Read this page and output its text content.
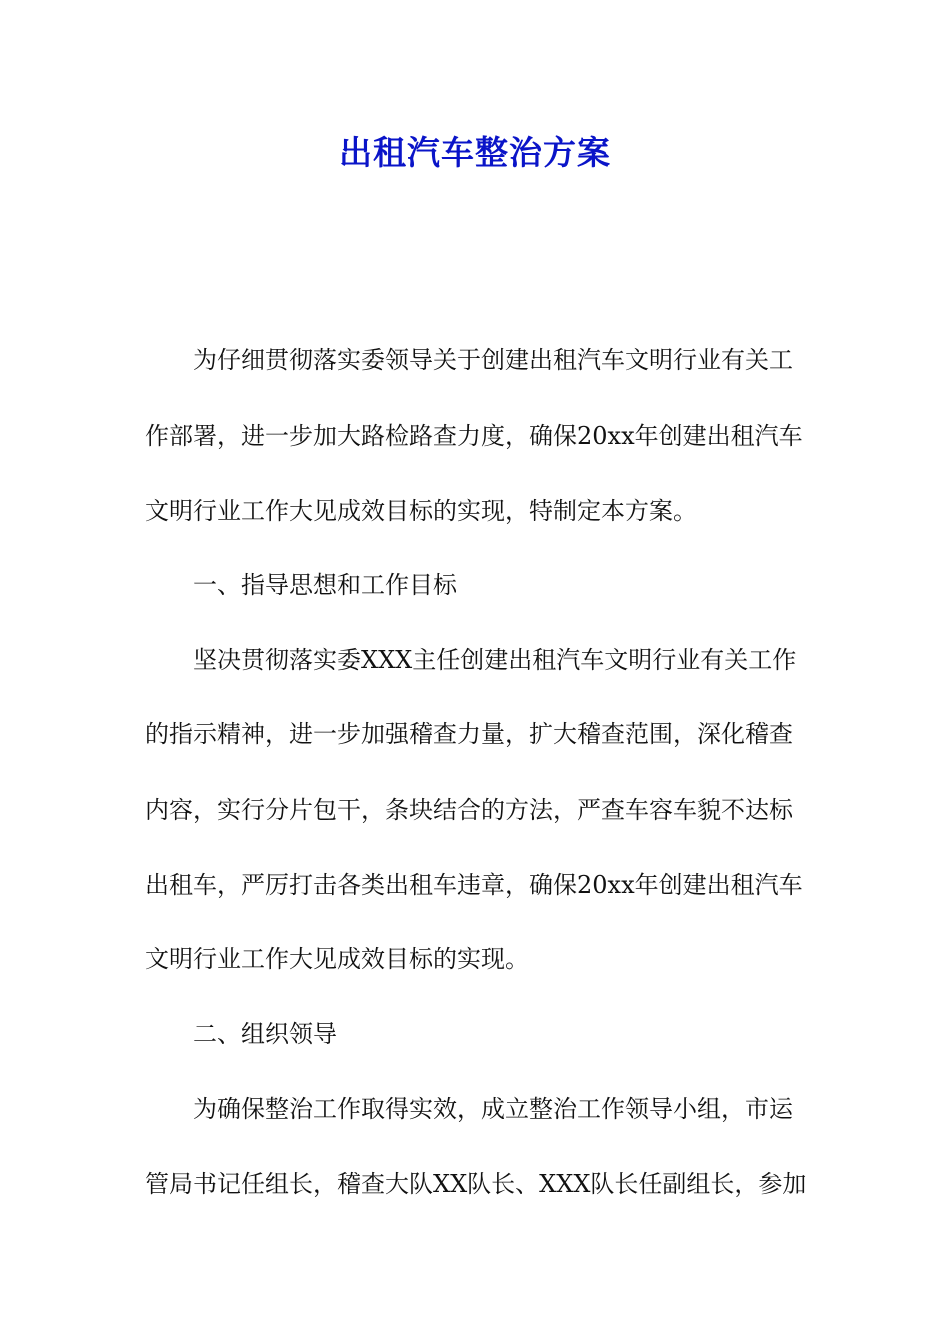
出租汽车整治方案
为仔细贯彻落实委领导关于创建出租汽车文明行业有关工
作部署，进一步加大路检路查力度，确保20xx年创建出租汽车
文明行业工作大见成效目标的实现，特制定本方案。
一、指导思想和工作目标
坚决贯彻落实委XXX主任创建出租汽车文明行业有关工作
的指示精神，进一步加强稽查力量，扩大稽查范围，深化稽查
内容，实行分片包干，条块结合的方法，严查车容车貌不达标
出租车，严厉打击各类出租车违章，确保20xx年创建出租汽车
文明行业工作大见成效目标的实现。
二、组织领导
为确保整治工作取得实效，成立整治工作领导小组，市运
管局书记任组长，稽查大队XX队长、XXX队长任副组长，参加
